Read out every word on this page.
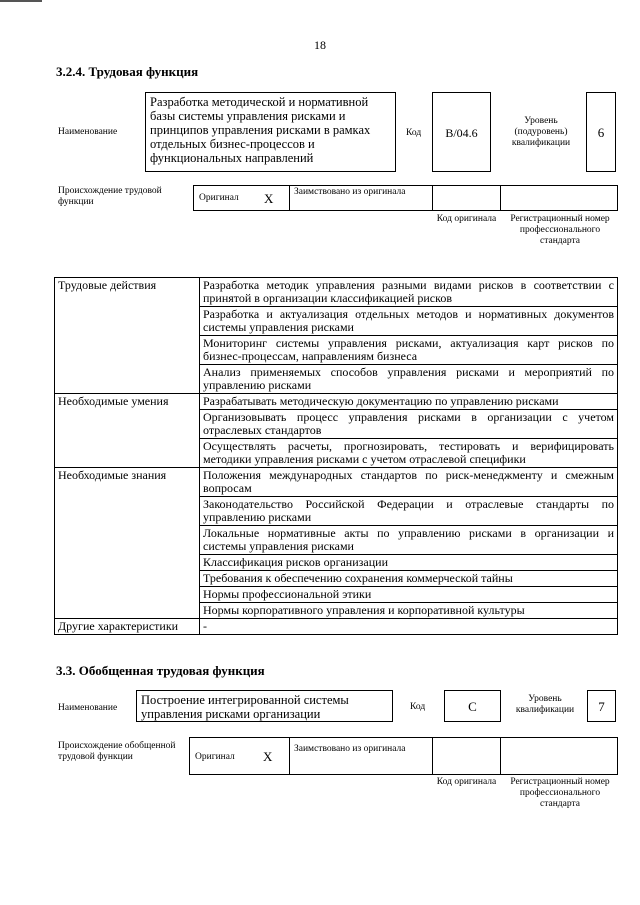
18
3.2.4. Трудовая функция
Наименование
Разработка методической и нормативной базы системы управления рисками и принципов управления рисками в рамках отдельных бизнес-процессов и функциональных направлений
Код	B/04.6
Уровень (подуровень) квалификации
6
Происхождение трудовой функции	Оригинал X Заимствовано из оригинала
Код оригинала	Регистрационный номер профессионального стандарта
Трудовые действия	Разработка методик управления разными видами рисков в соответствии с принятой в организации классификацией рисков
	Разработка и актуализация отдельных методов и нормативных документов системы управления рисками
	Мониторинг системы управления рисками, актуализация карт рисков по бизнес-процессам, направлениям бизнеса
	Анализ применяемых способов управления рисками и мероприятий по управлению рисками
Необходимые умения	Разрабатывать методическую документацию по управлению рисками
	Организовывать процесс управления рисками в организации с учетом отраслевых стандартов
	Осуществлять расчеты, прогнозировать, тестировать и верифицировать методики управления рисками с учетом отраслевой специфики
Необходимые знания	Положения международных стандартов по риск-менеджменту и смежным вопросам
	Законодательство Российской Федерации и отраслевые стандарты по управлению рисками
	Локальные нормативные акты по управлению рисками в организации и системы управления рисками
	Классификация рисков организации
	Требования к обеспечению сохранения коммерческой тайны
	Нормы профессиональной этики
	Нормы корпоративного управления и корпоративной культуры
Другие характеристики	-
3.3. Обобщенная трудовая функция
Наименование
Построение интегрированной системы управления рисками организации	Код	C	Уровень квалификации	7
Происхождение обобщенной трудовой функции	Оригинал X Заимствовано из оригинала
Код оригинала	Регистрационный номер профессионального стандарта
